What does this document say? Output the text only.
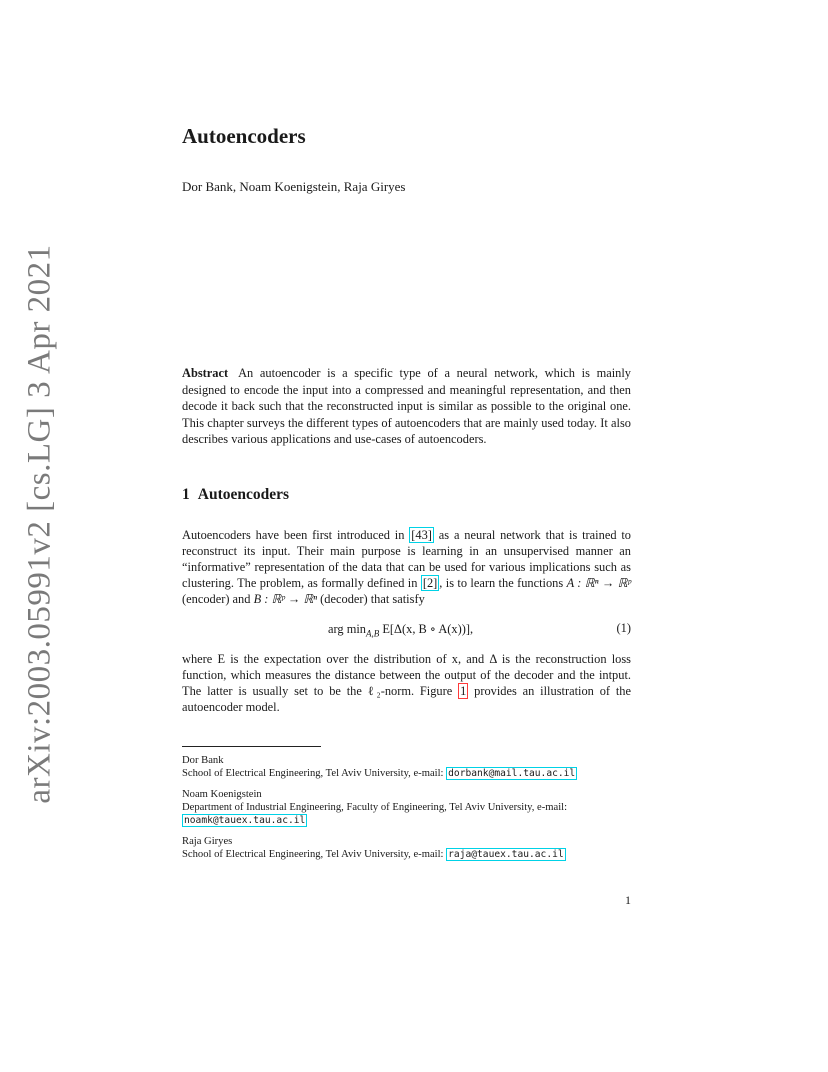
arXiv:2003.05991v2 [cs.LG] 3 Apr 2021
Autoencoders
Dor Bank, Noam Koenigstein, Raja Giryes

Abstract An autoencoder is a specific type of a neural network, which is mainly designed to encode the input into a compressed and meaningful representation, and then decode it back such that the reconstructed input is similar as possible to the original one. This chapter surveys the different types of autoencoders that are mainly used today. It also describes various applications and use-cases of autoencoders.

1 Autoencoders

Autoencoders have been first introduced in [43] as a neural network that is trained to reconstruct its input. Their main purpose is learning in an unsupervised manner an “informative” representation of the data that can be used for various implications such as clustering. The problem, as formally defined in [2] , is to learn the functions A : ℝⁿ → ℝᵖ (encoder) and B : ℝᵖ → ℝⁿ (decoder) that satisfy

arg $\min_{A,B} E[\Delta(x$, B ∘ A(x))],	(1)

where E is the expectation over the distribution of x, and Δ is the reconstruction loss function, which measures the distance between the output of the decoder and the intput. The latter is usually set to be the ℓ₂-norm. Figure 1 provides an illustration of the autoencoder model.

Dor Bank
School of Electrical Engineering, Tel Aviv University, e-mail: dorbank@mail.tau.ac.il
Noam Koenigstein
Department of Industrial Engineering, Faculty of Engineering, Tel Aviv University, e-mail: noamk@tauex.tau.ac.il
Raja Giryes
School of Electrical Engineering, Tel Aviv University, e-mail: raja@tauex.tau.ac.il
1
